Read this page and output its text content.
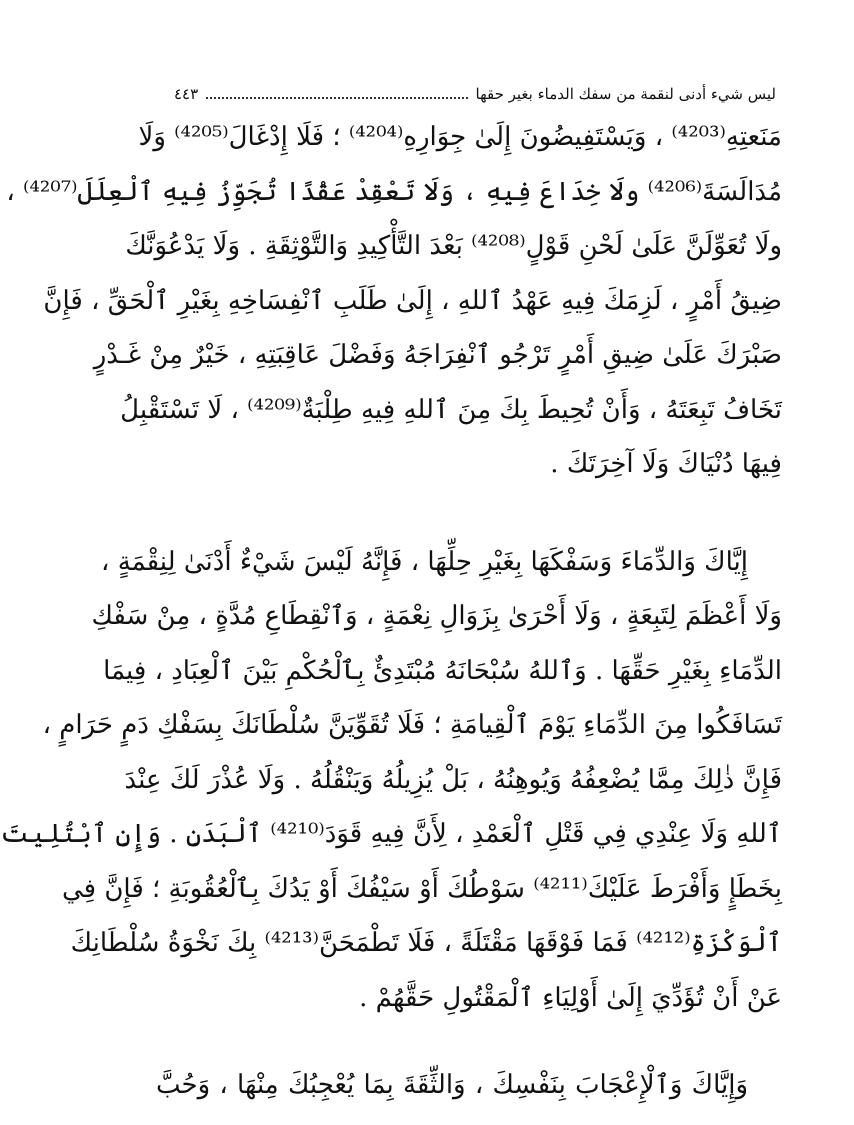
ليس شيء أدنى لنقمة من سفك الدماء بغير حقها
٤٤٣
مَنَعتِهِ⁽⁴²⁰³⁾ ، وَيَسْتَفِيضُونَ إِلَىٰ جِوَارِهِ⁽⁴²⁰⁴⁾ ؛ فَلَا إِدْغَالَ⁽⁴²⁰⁵⁾ وَلَا
مُدَالَسَةَ⁽⁴²⁰⁶⁾ ولَا خِدَاعَ فِيهِ ، وَلَا تَعْقِدْ عَقْدًا تُجَوِّزُ فِيهِ ٱلْعِلَلَ⁽⁴²⁰⁷⁾ ،
ولَا تُعَوِّلَنَّ عَلَىٰ لَحْنِ قَوْلٍ⁽⁴²⁰⁸⁾ بَعْدَ التَّأْكِيدِ وَالتَّوْثِقَةِ . وَلَا يَدْعُوَنَّكَ
ضِيقُ أَمْرٍ ، لَزِمَكَ فِيهِ عَهْدُ ٱللهِ ، إِلَىٰ طَلَبِ ٱنْفِسَاخِهِ بِغَيْرِ ٱلْحَقِّ ، فَإِنَّ
صَبْرَكَ عَلَىٰ ضِيقِ أَمْرٍ تَرْجُو ٱنْفِرَاجَهُ وَفَضْلَ عَاقِبَتِهِ ، خَيْرٌ مِنْ غَـدْرٍ
تَخَافُ تَبِعَتَهُ ، وَأَنْ تُحِيطَ بِكَ مِنَ ٱللهِ فِيهِ طِلْبَةٌ⁽⁴²⁰⁹⁾ ، لَا تَسْتَقْبِلُ
فِيهَا دُنْيَاكَ وَلَا آخِرَتَكَ .
إِيَّاكَ وَالدِّمَاءَ وَسَفْكَهَا بِغَيْرِ حِلِّهَا ، فَإِنَّهُ لَيْسَ شَيْءٌ أَدْنَىٰ لِنِقْمَةٍ ،
وَلَا أَعْظَمَ لِتَبِعَةٍ ، وَلَا أَحْرَىٰ بِزَوَالِ نِعْمَةٍ ، وَٱنْقِطَاعِ مُدَّةٍ ، مِنْ سَفْكِ
الدِّمَاءِ بِغَيْرِ حَقِّهَا . وَٱللهُ سُبْحَانَهُ مُبْتَدِئٌ بِٱلْحُكْمِ بَيْنَ ٱلْعِبَادِ ، فِيمَا
تَسَافَكُوا مِنَ الدِّمَاءِ يَوْمَ ٱلْقِيامَةِ ؛ فَلَا تُقَوِّيَنَّ سُلْطَانَكَ بِسَفْكِ دَمٍ حَرَامٍ ،
فَإِنَّ ذٰلِكَ مِمَّا يُضْعِفُهُ وَيُوهِنُهُ ، بَلْ يُزِيلُهُ وَيَنْقُلُهُ . وَلَا عُذْرَ لَكَ عِنْدَ
ٱللهِ وَلَا عِنْدِي فِي قَتْلِ ٱلْعَمْدِ ، لِأَنَّ فِيهِ قَوَدَ⁽⁴²¹⁰⁾ ٱلْبَدَنِ . وَإِنِ ٱبْتُلِيتَ
بِخَطَإٍ وَأَفْرَطَ عَلَيْكَ⁽⁴²¹¹⁾ سَوْطُكَ أَوْ سَيْفُكَ أَوْ يَدُكَ بِٱلْعُقُوبَةِ ؛ فَإِنَّ فِي
ٱلْوَكْزَةِ⁽⁴²¹²⁾ فَمَا فَوْقَهَا مَقْتَلَةً ، فَلَا تَطْمَحَنَّ⁽⁴²¹³⁾ بِكَ نَخْوَةُ سُلْطَانِكَ
عَنْ أَنْ تُؤَدِّيَ إِلَىٰ أَوْلِيَاءِ ٱلْمَقْتُولِ حَقَّهُمْ .
وَإِيَّاكَ وَٱلْإِعْجَابَ بِنَفْسِكَ ، وَالثِّقَةَ بِمَا يُعْجِبُكَ مِنْهَا ، وَحُبَّ
